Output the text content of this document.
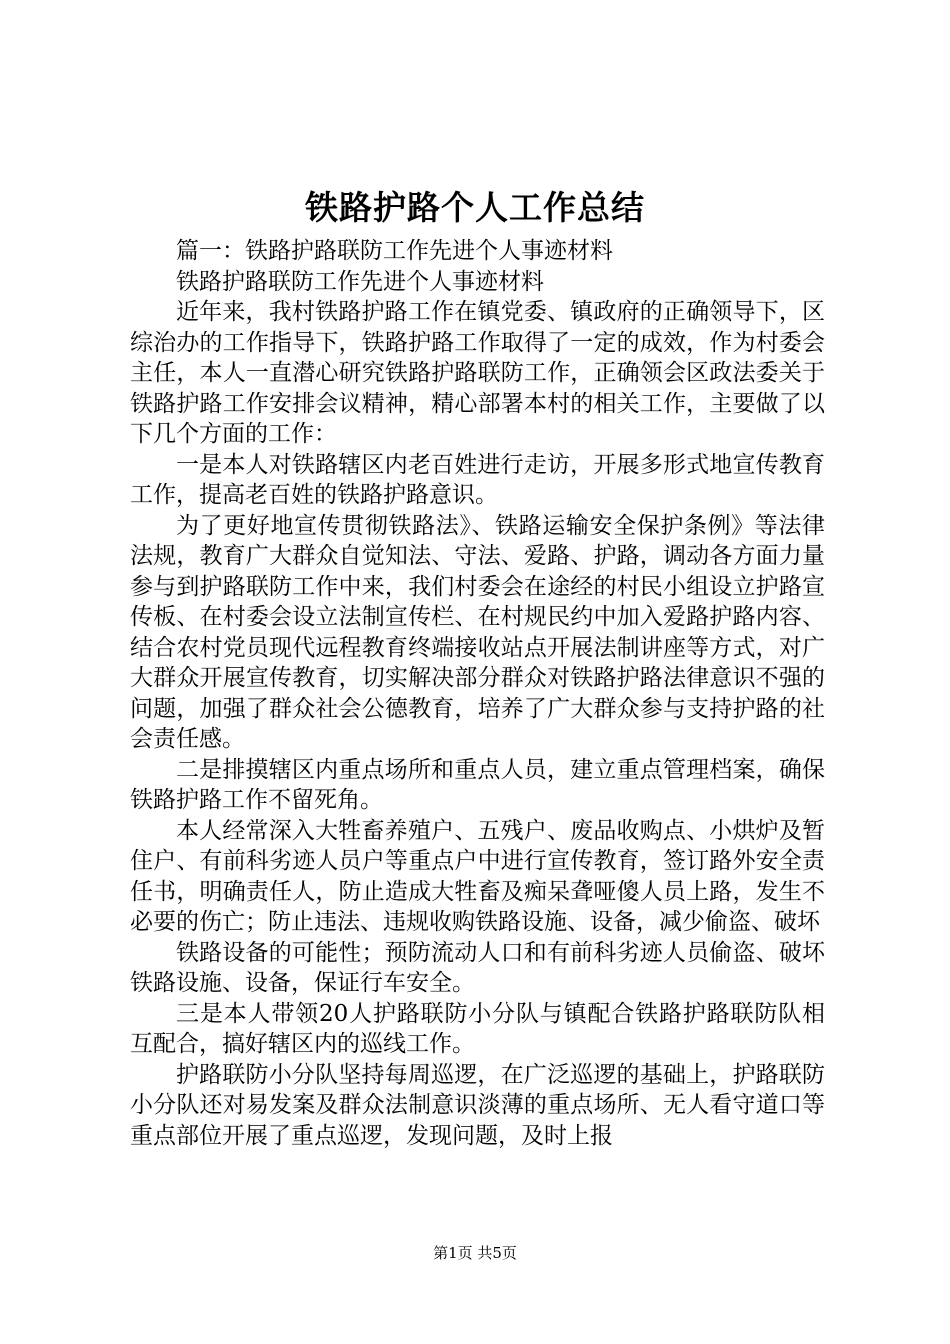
铁路护路个人工作总结

篇一：铁路护路联防工作先进个人事迹材料

铁路护路联防工作先进个人事迹材料

近年来，我村铁路护路工作在镇党委、镇政府的正确领导下，区综治办的工作指导下，铁路护路工作取得了一定的成效，作为村委会主任，本人一直潜心研究铁路护路联防工作，正确领会区政法委关于铁路护路工作安排会议精神，精心部署本村的相关工作，主要做了以下几个方面的工作：

一是本人对铁路辖区内老百姓进行走访，开展多形式地宣传教育工作，提高老百姓的铁路护路意识。

为了更好地宣传贯彻铁路法》、铁路运输安全保护条例》等法律法规，教育广大群众自觉知法、守法、爱路、护路，调动各方面力量参与到护路联防工作中来，我们村委会在途经的村民小组设立护路宣传板、在村委会设立法制宣传栏、在村规民约中加入爱路护路内容、结合农村党员现代远程教育终端接收站点开展法制讲座等方式，对广大群众开展宣传教育，切实解决部分群众对铁路护路法律意识不强的问题，加强了群众社会公德教育，培养了广大群众参与支持护路的社会责任感。

二是排摸辖区内重点场所和重点人员，建立重点管理档案，确保铁路护路工作不留死角。

本人经常深入大牲畜养殖户、五残户、废品收购点、小烘炉及暂住户、有前科劣迹人员户等重点户中进行宣传教育，签订路外安全责任书，明确责任人，防止造成大牲畜及痴呆聋哑傻人员上路，发生不必要的伤亡；防止违法、违规收购铁路设施、设备，减少偷盗、破坏

铁路设备的可能性；预防流动人口和有前科劣迹人员偷盗、破坏铁路设施、设备，保证行车安全。

三是本人带领20人护路联防小分队与镇配合铁路护路联防队相互配合，搞好辖区内的巡线工作。

护路联防小分队坚持每周巡逻，在广泛巡逻的基础上，护路联防小分队还对易发案及群众法制意识淡薄的重点场所、无人看守道口等重点部位开展了重点巡逻，发现问题，及时上报

第1页 共5页
